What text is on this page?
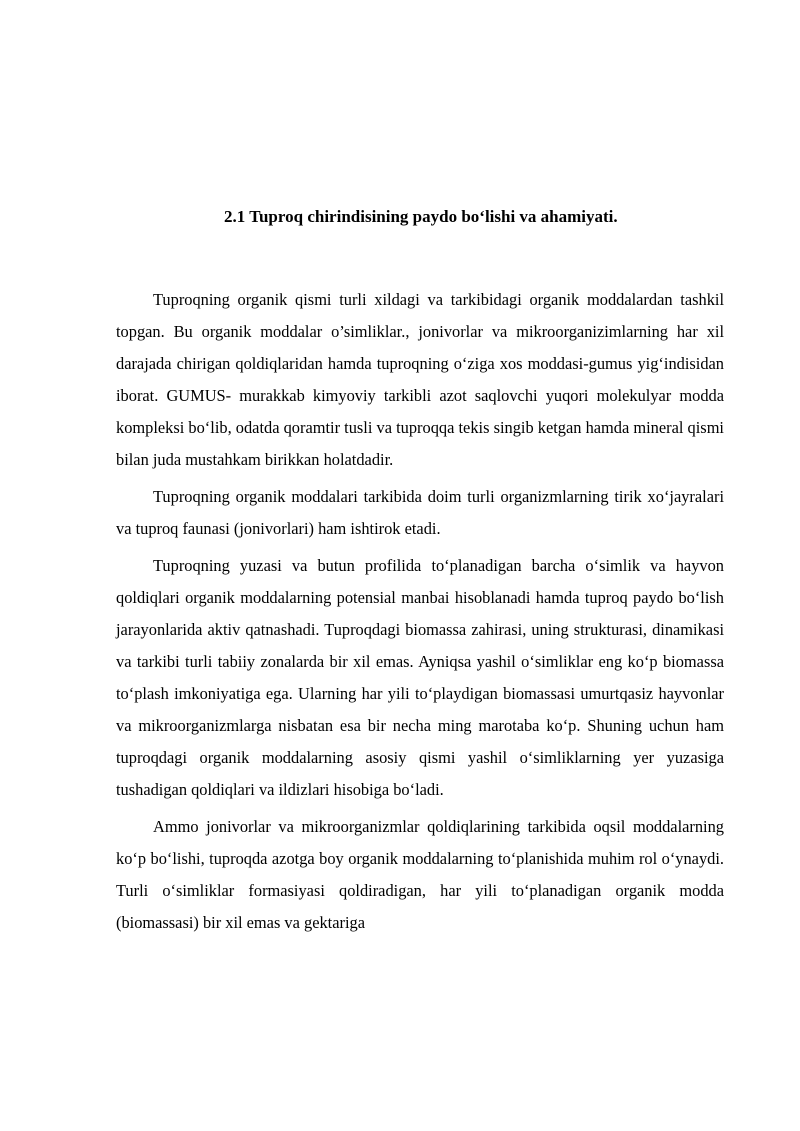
2.1 Tuproq chirindisining paydo boʻlishi va ahamiyati.

Tuproqning organik qismi turli xildagi va tarkibidagi organik moddalardan tashkil topgan. Bu organik moddalar o’simliklar., jonivorlar va mikroorganizimlarning har xil darajada chirigan qoldiqlaridan hamda tuproqning oʻziga xos moddasi-gumus yigʻindisidan iborat. GUMUS- murakkab kimyoviy tarkibli azot saqlovchi yuqori molekulyar modda kompleksi boʻlib, odatda qoramtir tusli va tuproqqa tekis singib ketgan hamda mineral qismi bilan juda mustahkam birikkan holatdadir.

Tuproqning organik moddalari tarkibida doim turli organizmlarning tirik xoʻjayralari va tuproq faunasi (jonivorlari) ham ishtirok etadi.

Tuproqning yuzasi va butun profilida toʻplanadigan barcha oʻsimlik va hayvon qoldiqlari organik moddalarning potensial manbai hisoblanadi hamda tuproq paydo boʻlish jarayonlarida aktiv qatnashadi. Tuproqdagi biomassa zahirasi, uning strukturasi, dinamikasi va tarkibi turli tabiiy zonalarda bir xil emas. Ayniqsa yashil oʻsimliklar eng koʻp biomassa toʻplash imkoniyatiga ega. Ularning har yili toʻplaydigan biomassasi umurtqasiz hayvonlar va mikroorganizmlarga nisbatan esa bir necha ming marotaba koʻp. Shuning uchun ham tuproqdagi organik moddalarning asosiy qismi yashil oʻsimliklarning yer yuzasiga tushadigan qoldiqlari va ildizlari hisobiga boʻladi.

Ammo jonivorlar va mikroorganizmlar qoldiqlarining tarkibida oqsil moddalarning koʻp boʻlishi, tuproqda azotga boy organik moddalarning toʻplanishida muhim rol oʻynaydi. Turli oʻsimliklar formasiyasi qoldiradigan, har yili toʻplanadigan organik modda (biomassasi) bir xil emas va gektariga
